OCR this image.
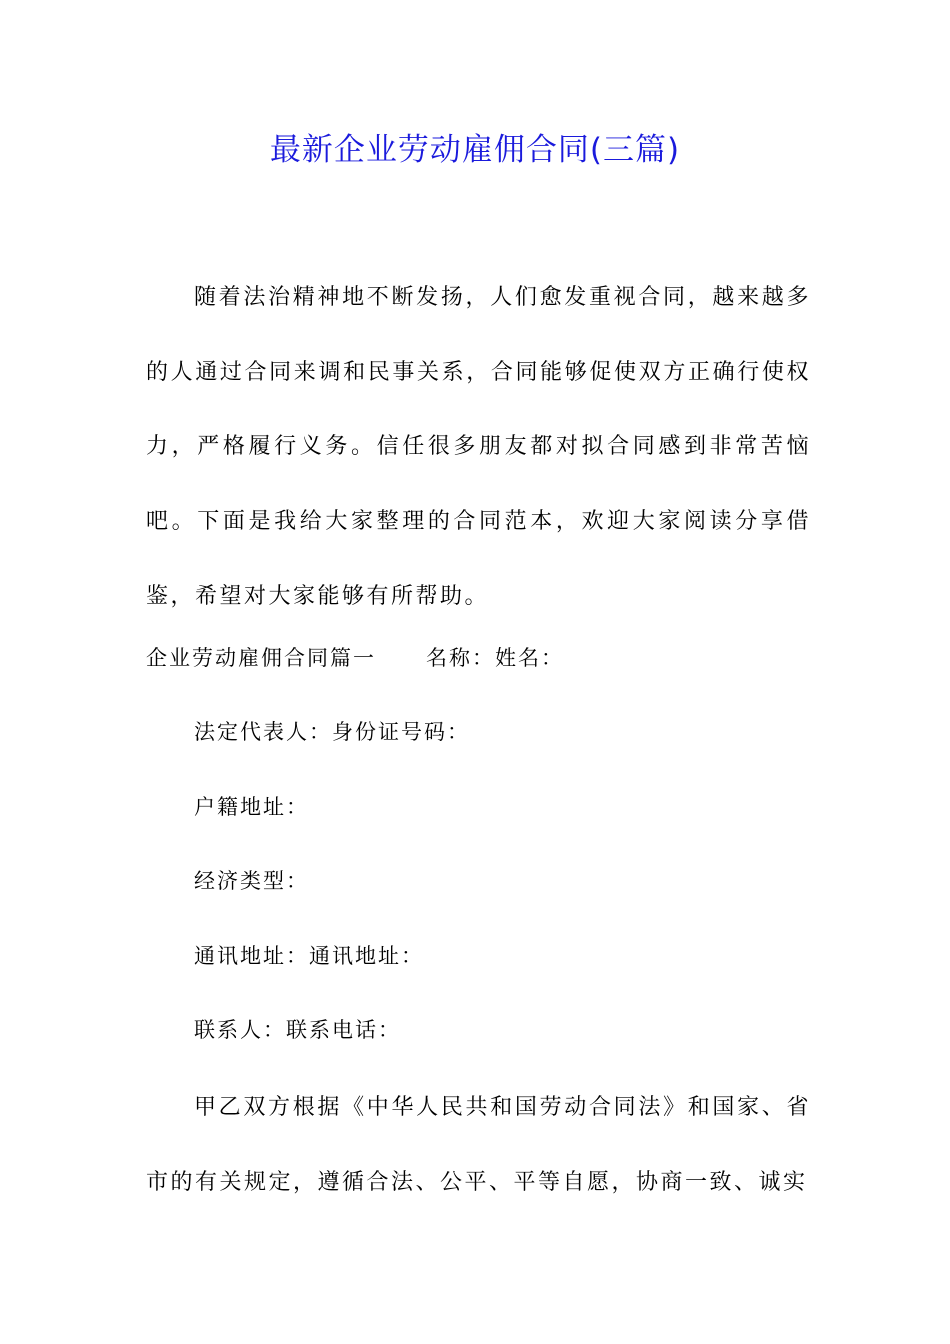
最新企业劳动雇佣合同(三篇)

随着法治精神地不断发扬，人们愈发重视合同，越来越多的人通过合同来调和民事关系，合同能够促使双方正确行使权力，严格履行义务。信任很多朋友都对拟合同感到非常苦恼吧。下面是我给大家整理的合同范本，欢迎大家阅读分享借鉴，希望对大家能够有所帮助。

企业劳动雇佣合同篇一 名称：姓名：
法定代表人：身份证号码：
户籍地址：
经济类型：
通讯地址：通讯地址：
联系人：联系电话：

甲乙双方根据《中华人民共和国劳动合同法》和国家、省市的有关规定，遵循合法、公平、平等自愿，协商一致、诚实
